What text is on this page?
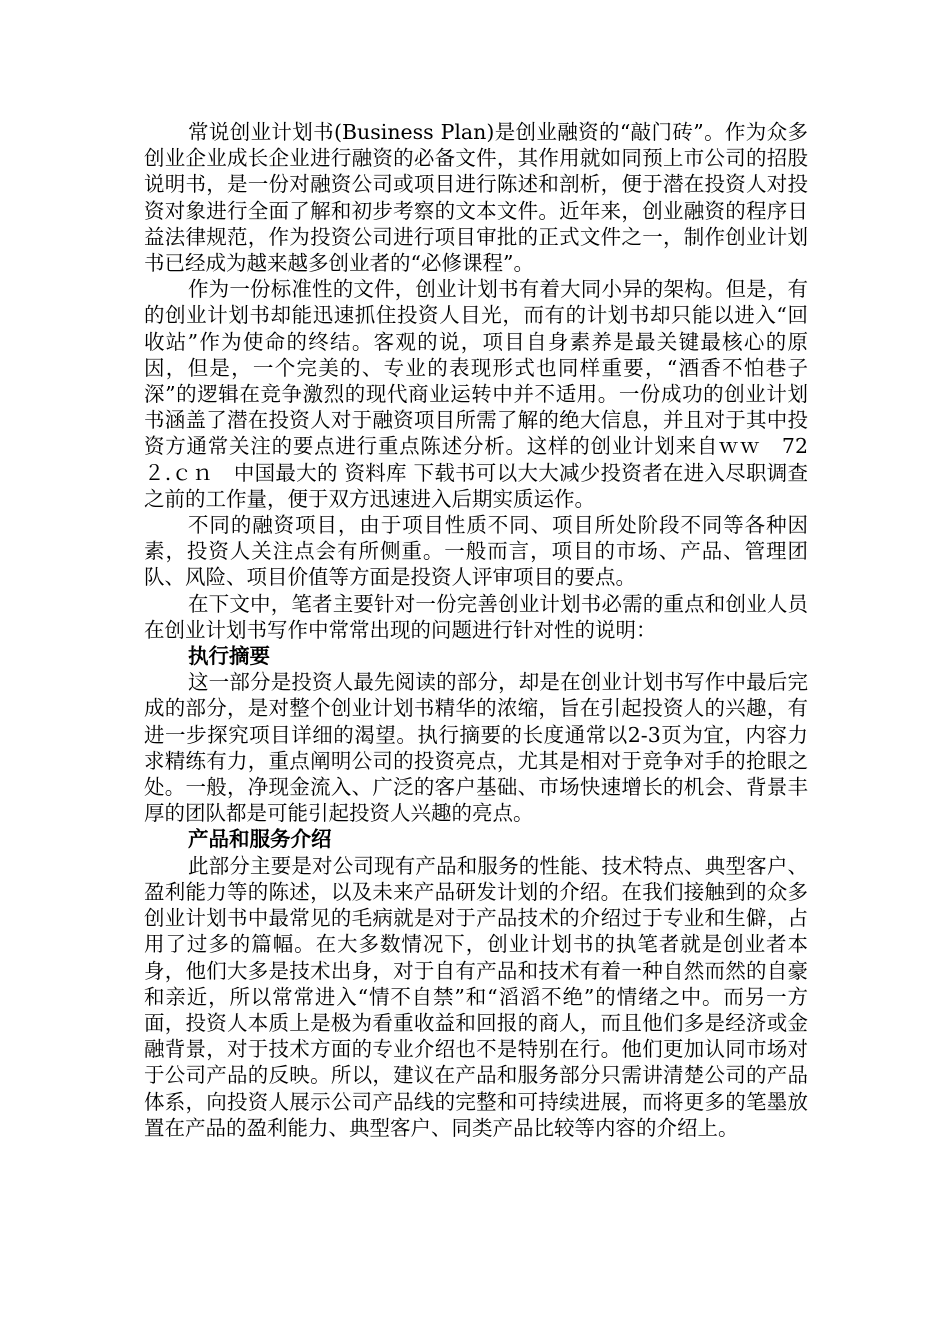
常说创业计划书(Business Plan)是创业融资的“敲门砖”。作为众多创业企业成长企业进行融资的必备文件，其作用就如同预上市公司的招股说明书，是一份对融资公司或项目进行陈述和剖析，便于潜在投资人对投资对象进行全面了解和初步考察的文本文件。近年来，创业融资的程序日益法律规范，作为投资公司进行项目审批的正式文件之一，制作创业计划书已经成为越来越多创业者的“必修课程”。

作为一份标准性的文件，创业计划书有着大同小异的架构。但是，有的创业计划书却能迅速抓住投资人目光，而有的计划书却只能以进入“回收站”作为使命的终结。客观的说，项目自身素养是最关键最核心的原因，但是，一个完美的、专业的表现形式也同样重要，“酒香不怕巷子深”的逻辑在竞争激烈的现代商业运转中并不适用。一份成功的创业计划书涵盖了潜在投资人对于融资项目所需了解的绝大信息，并且对于其中投资方通常关注的要点进行重点陈述分析。这样的创业计划来自ｗｗ　72２.ｃｎ　中国最大的 资料库 下载书可以大大减少投资者在进入尽职调查之前的工作量，便于双方迅速进入后期实质运作。

不同的融资项目，由于项目性质不同、项目所处阶段不同等各种因素，投资人关注点会有所侧重。一般而言，项目的市场、产品、管理团队、风险、项目价值等方面是投资人评审项目的要点。

在下文中，笔者主要针对一份完善创业计划书必需的重点和创业人员在创业计划书写作中常常出现的问题进行针对性的说明：

执行摘要

这一部分是投资人最先阅读的部分，却是在创业计划书写作中最后完成的部分，是对整个创业计划书精华的浓缩，旨在引起投资人的兴趣，有进一步探究项目详细的渴望。执行摘要的长度通常以2-3页为宜，内容力求精练有力，重点阐明公司的投资亮点，尤其是相对于竞争对手的抢眼之处。一般，净现金流入、广泛的客户基础、市场快速增长的机会、背景丰厚的团队都是可能引起投资人兴趣的亮点。

产品和服务介绍

此部分主要是对公司现有产品和服务的性能、技术特点、典型客户、盈利能力等的陈述，以及未来产品研发计划的介绍。在我们接触到的众多创业计划书中最常见的毛病就是对于产品技术的介绍过于专业和生僻，占用了过多的篇幅。在大多数情况下，创业计划书的执笔者就是创业者本身，他们大多是技术出身，对于自有产品和技术有着一种自然而然的自豪和亲近，所以常常进入“情不自禁”和“滔滔不绝”的情绪之中。而另一方面，投资人本质上是极为看重收益和回报的商人，而且他们多是经济或金融背景，对于技术方面的专业介绍也不是特别在行。他们更加认同市场对于公司产品的反映。所以，建议在产品和服务部分只需讲清楚公司的产品体系，向投资人展示公司产品线的完整和可持续进展，而将更多的笔墨放置在产品的盈利能力、典型客户、同类产品比较等内容的介绍上。
